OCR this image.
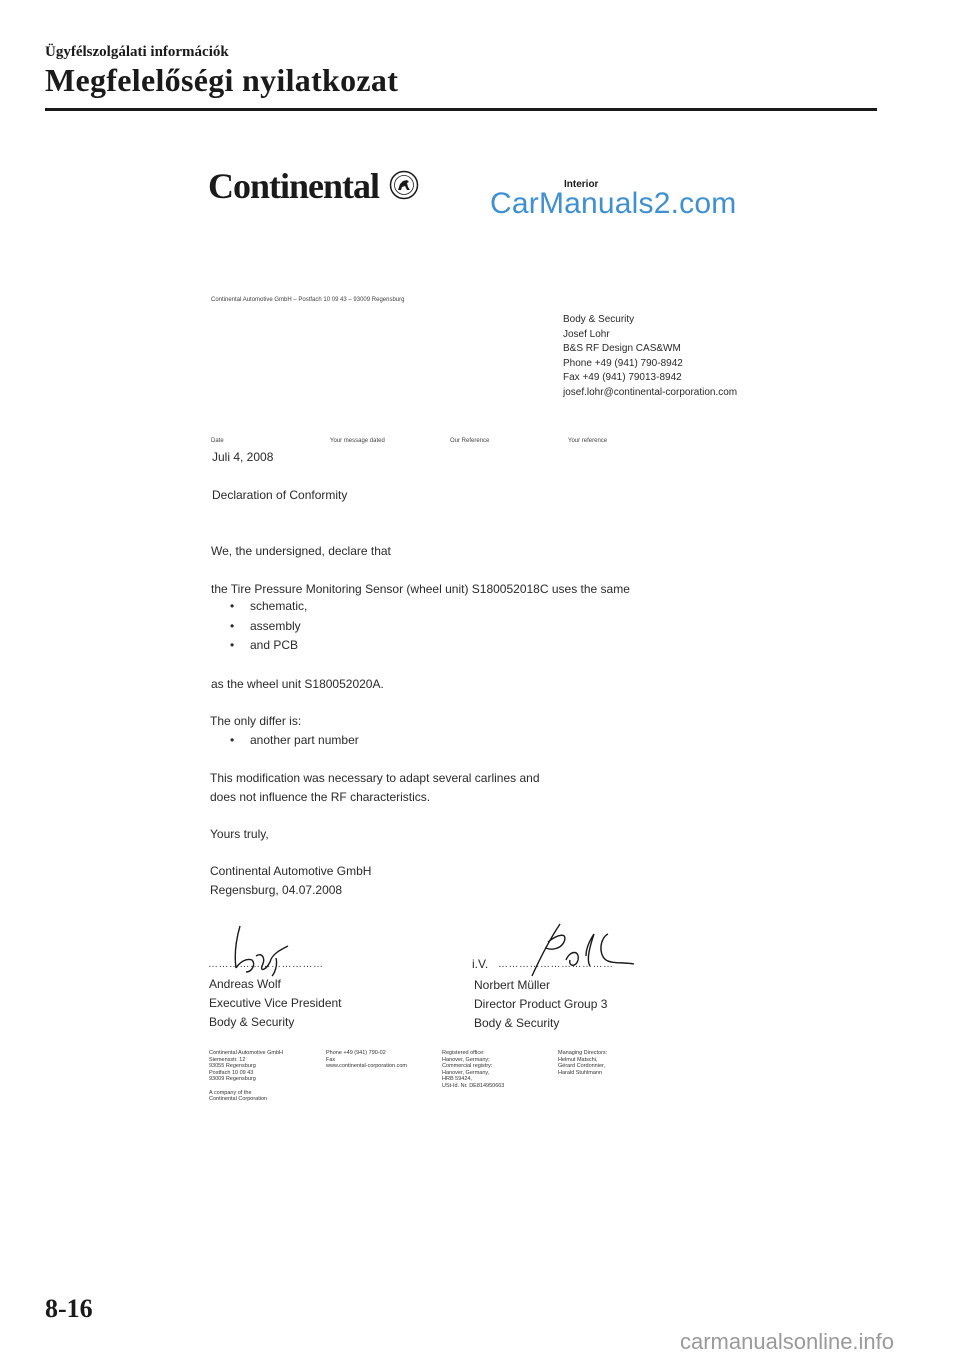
Ügyfélszolgálati információk
Megfelelőségi nyilatkozat
Continental	Interior
CarManuals2.com
Continental Automotive GmbH – Postfach 10 09 43 – 93009 Regensburg
Body & Security
Josef Lohr
B&S RF Design CAS&WM
Phone +49 (941) 790-8942
Fax +49 (941) 79013-8942
josef.lohr@continental-corporation.com
Date	Your message dated	Our Reference	Your reference
Juli 4, 2008
Declaration of Conformity
We, the undersigned, declare that
the Tire Pressure Monitoring Sensor (wheel unit) S180052018C uses the same
• schematic,
• assembly
• and PCB
as the wheel unit S180052020A.
The only differ is:
• another part number
This modification was necessary to adapt several carlines and
does not influence the RF characteristics.
Yours truly,
Continental Automotive GmbH
Regensburg, 04.07.2008
……………………………	i.V. ……………………………
Andreas Wolf
Executive Vice President
Body & Security
Norbert Müller
Director Product Group 3
Body & Security
Continental Automotive GmbH
Siemensstr. 12
93055 Regensburg
Postfach 10 09 43
93009 Regensburg
A company of the
Continental Corporation
Phone +49 (941) 790-02
Fax
www.continental-corporation.com
Registered office:
Hanover, Germany;
Commercial registry:
Hanover, Germany,
HRB 59424,
USt-Id. Nr. DE814950663
Managing Directors:
Helmut Matschi,
Gérard Cordonnier,
Harald Stuhlmann
8-16
carmanualsonline.info
